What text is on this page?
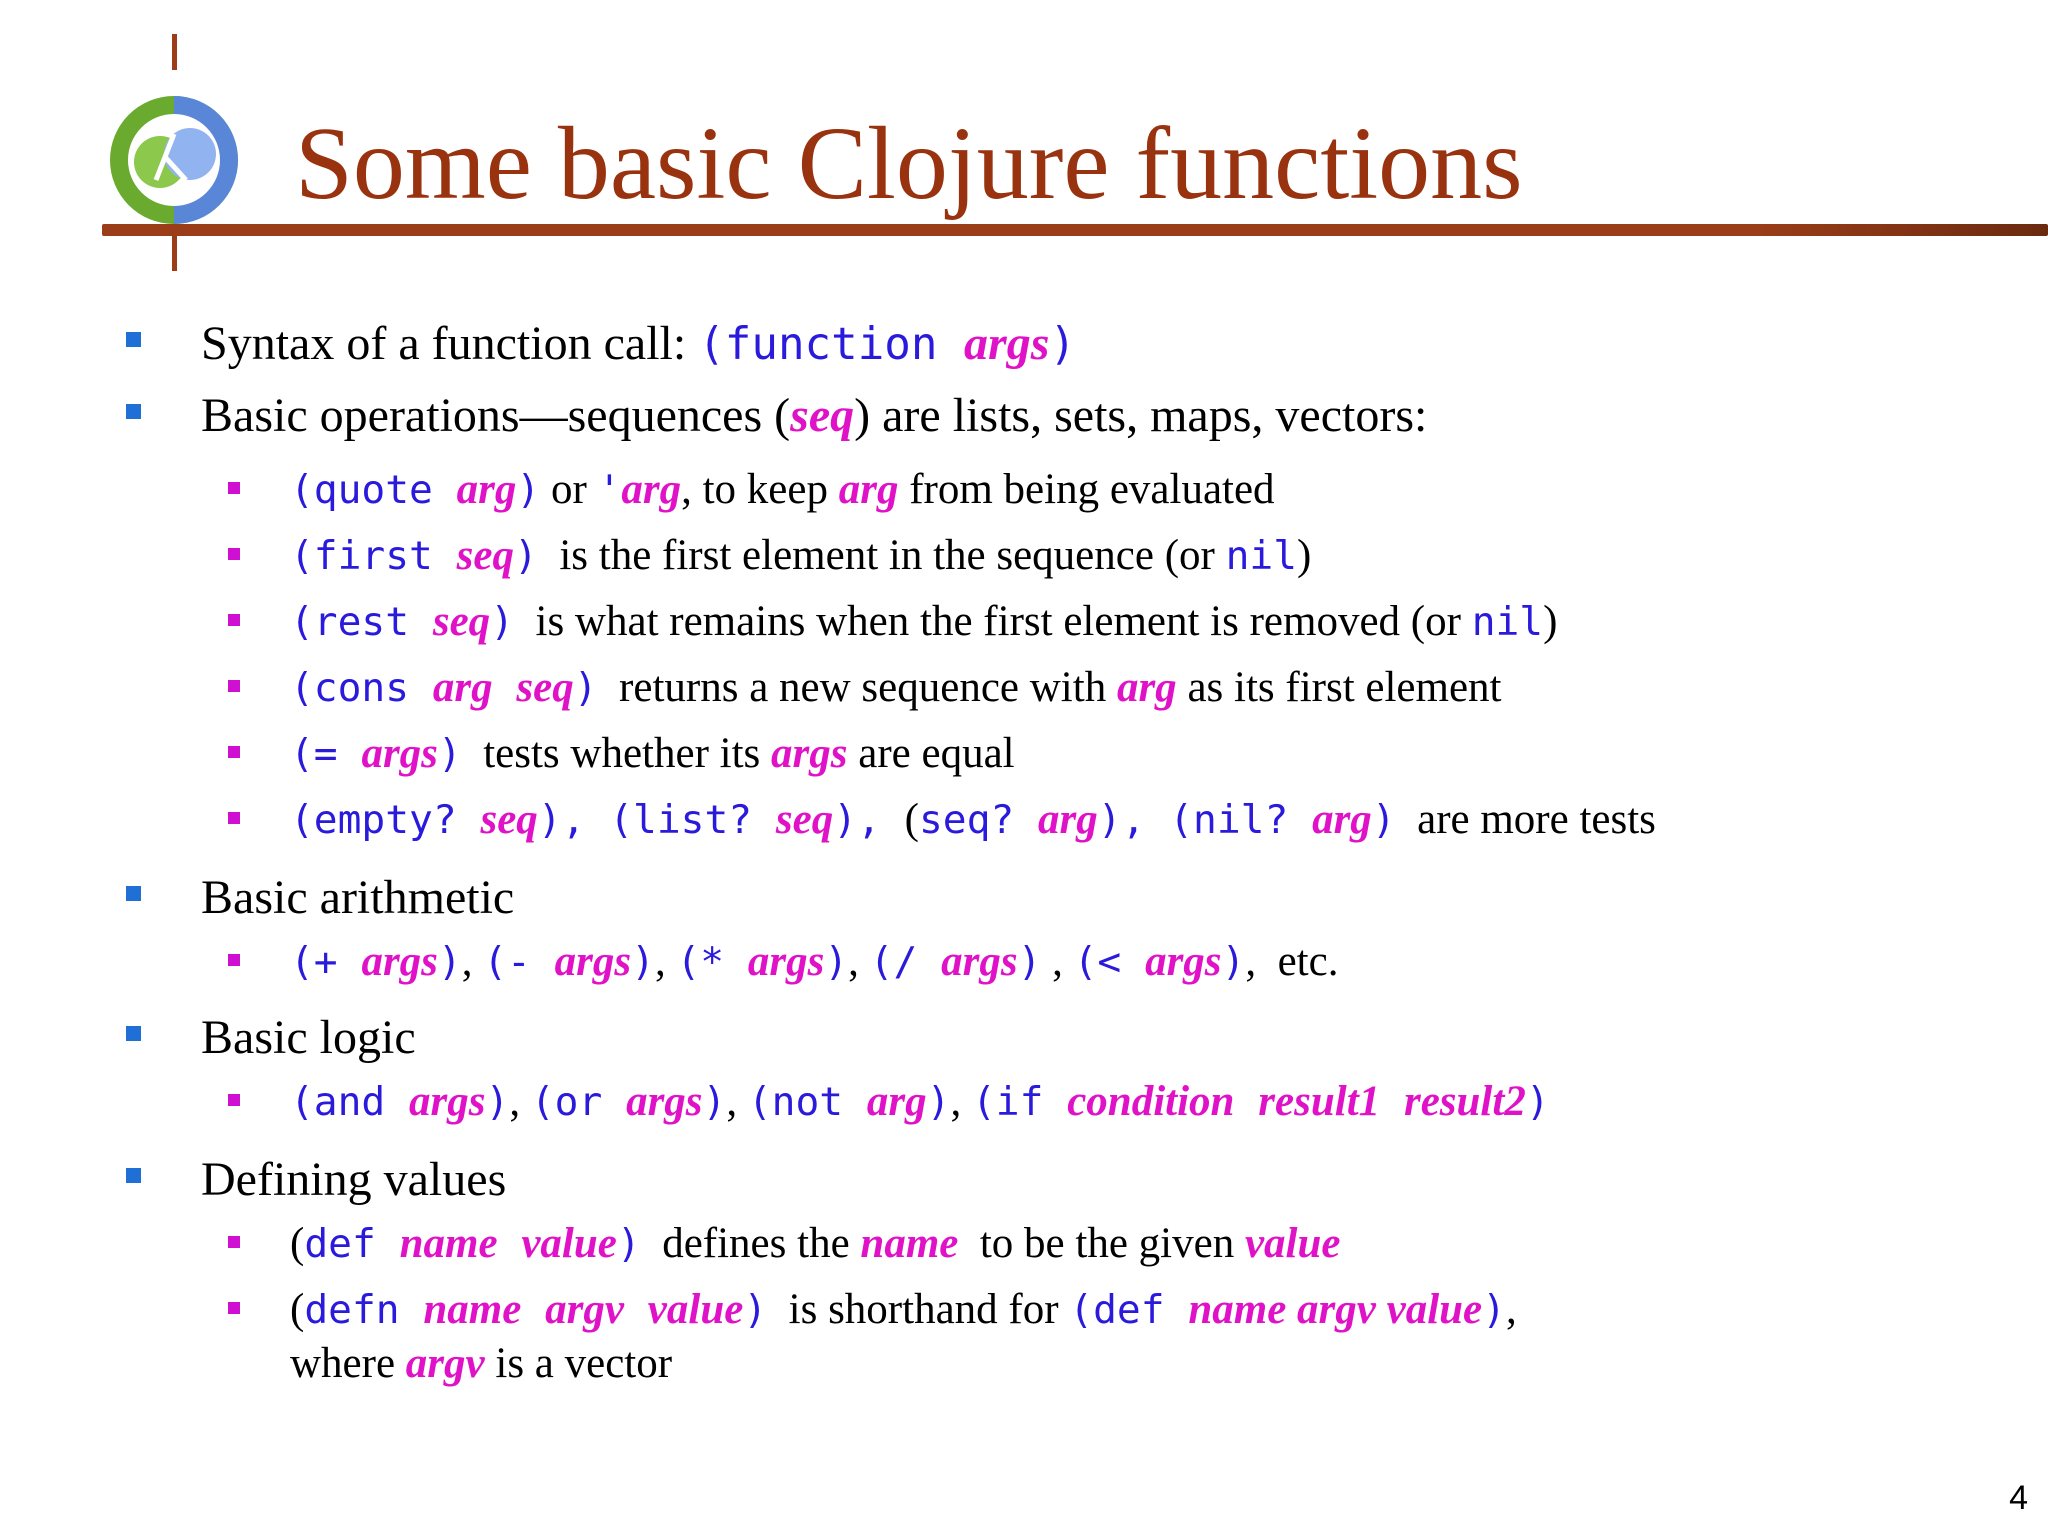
Some basic Clojure functions
Syntax of a function call: (function args)
Basic operations—sequences (seq) are lists, sets, maps, vectors:
(quote arg) or 'arg, to keep arg from being evaluated
(first seq)  is the first element in the sequence (or nil)
(rest seq)  is what remains when the first element is removed (or nil)
(cons arg seq)  returns a new sequence with arg as its first element
(= args)  tests whether its args are equal
(empty? seq), (list? seq), (seq? arg), (nil? arg)  are more tests
Basic arithmetic
(+ args), (- args), (* args), (/ args) , (< args),  etc.
Basic logic
(and args), (or args), (not arg), (if condition result1 result2)
Defining values
(def name value)  defines the name  to be the given value
(defn name argv value)  is shorthand for (def name argv value),
where argv is a vector
4
